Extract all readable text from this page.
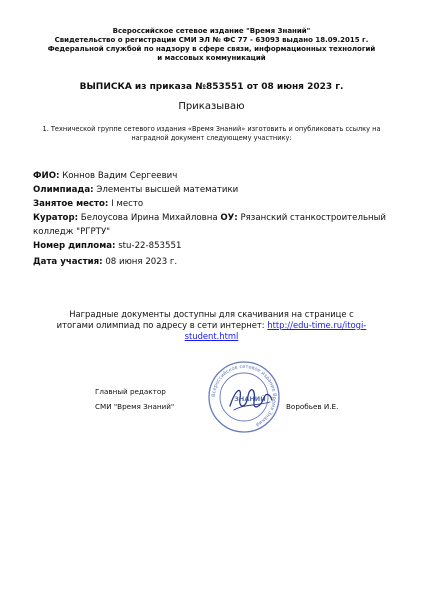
Всероссийское сетевое издание "Время Знаний"
Свидетельство о регистрации СМИ ЭЛ № ФС 77 - 63093 выдано 18.09.2015 г.
Федеральной службой по надзору в сфере связи, информационных технологий
и массовых коммуникаций
ВЫПИСКА из приказа №853551 от 08 июня 2023 г.
Приказываю
1. Технической группе сетевого издания «Время Знаний» изготовить и опубликовать ссылку на
наградной документ следующему участнику:
ФИО: Коннов Вадим Сергеевич
Олимпиада: Элементы высшей математики
Занятое место: I место
Куратор: Белоусова Ирина Михайловна ОУ: Рязанский станкостроительный
колледж "РГРТУ"
Номер диплома: stu-22-853551
Дата участия: 08 июня 2023 г.
Наградные документы доступны для скачивания на странице с
итогами олимпиад по адресу в сети интернет: http://edu-time.ru/itogi-
student.html
Главный редактор
СМИ "Время Знаний"	Воробьев И.Е.
Всероссийское сетевое издание Время Знаний
ЗНАНИЙ
